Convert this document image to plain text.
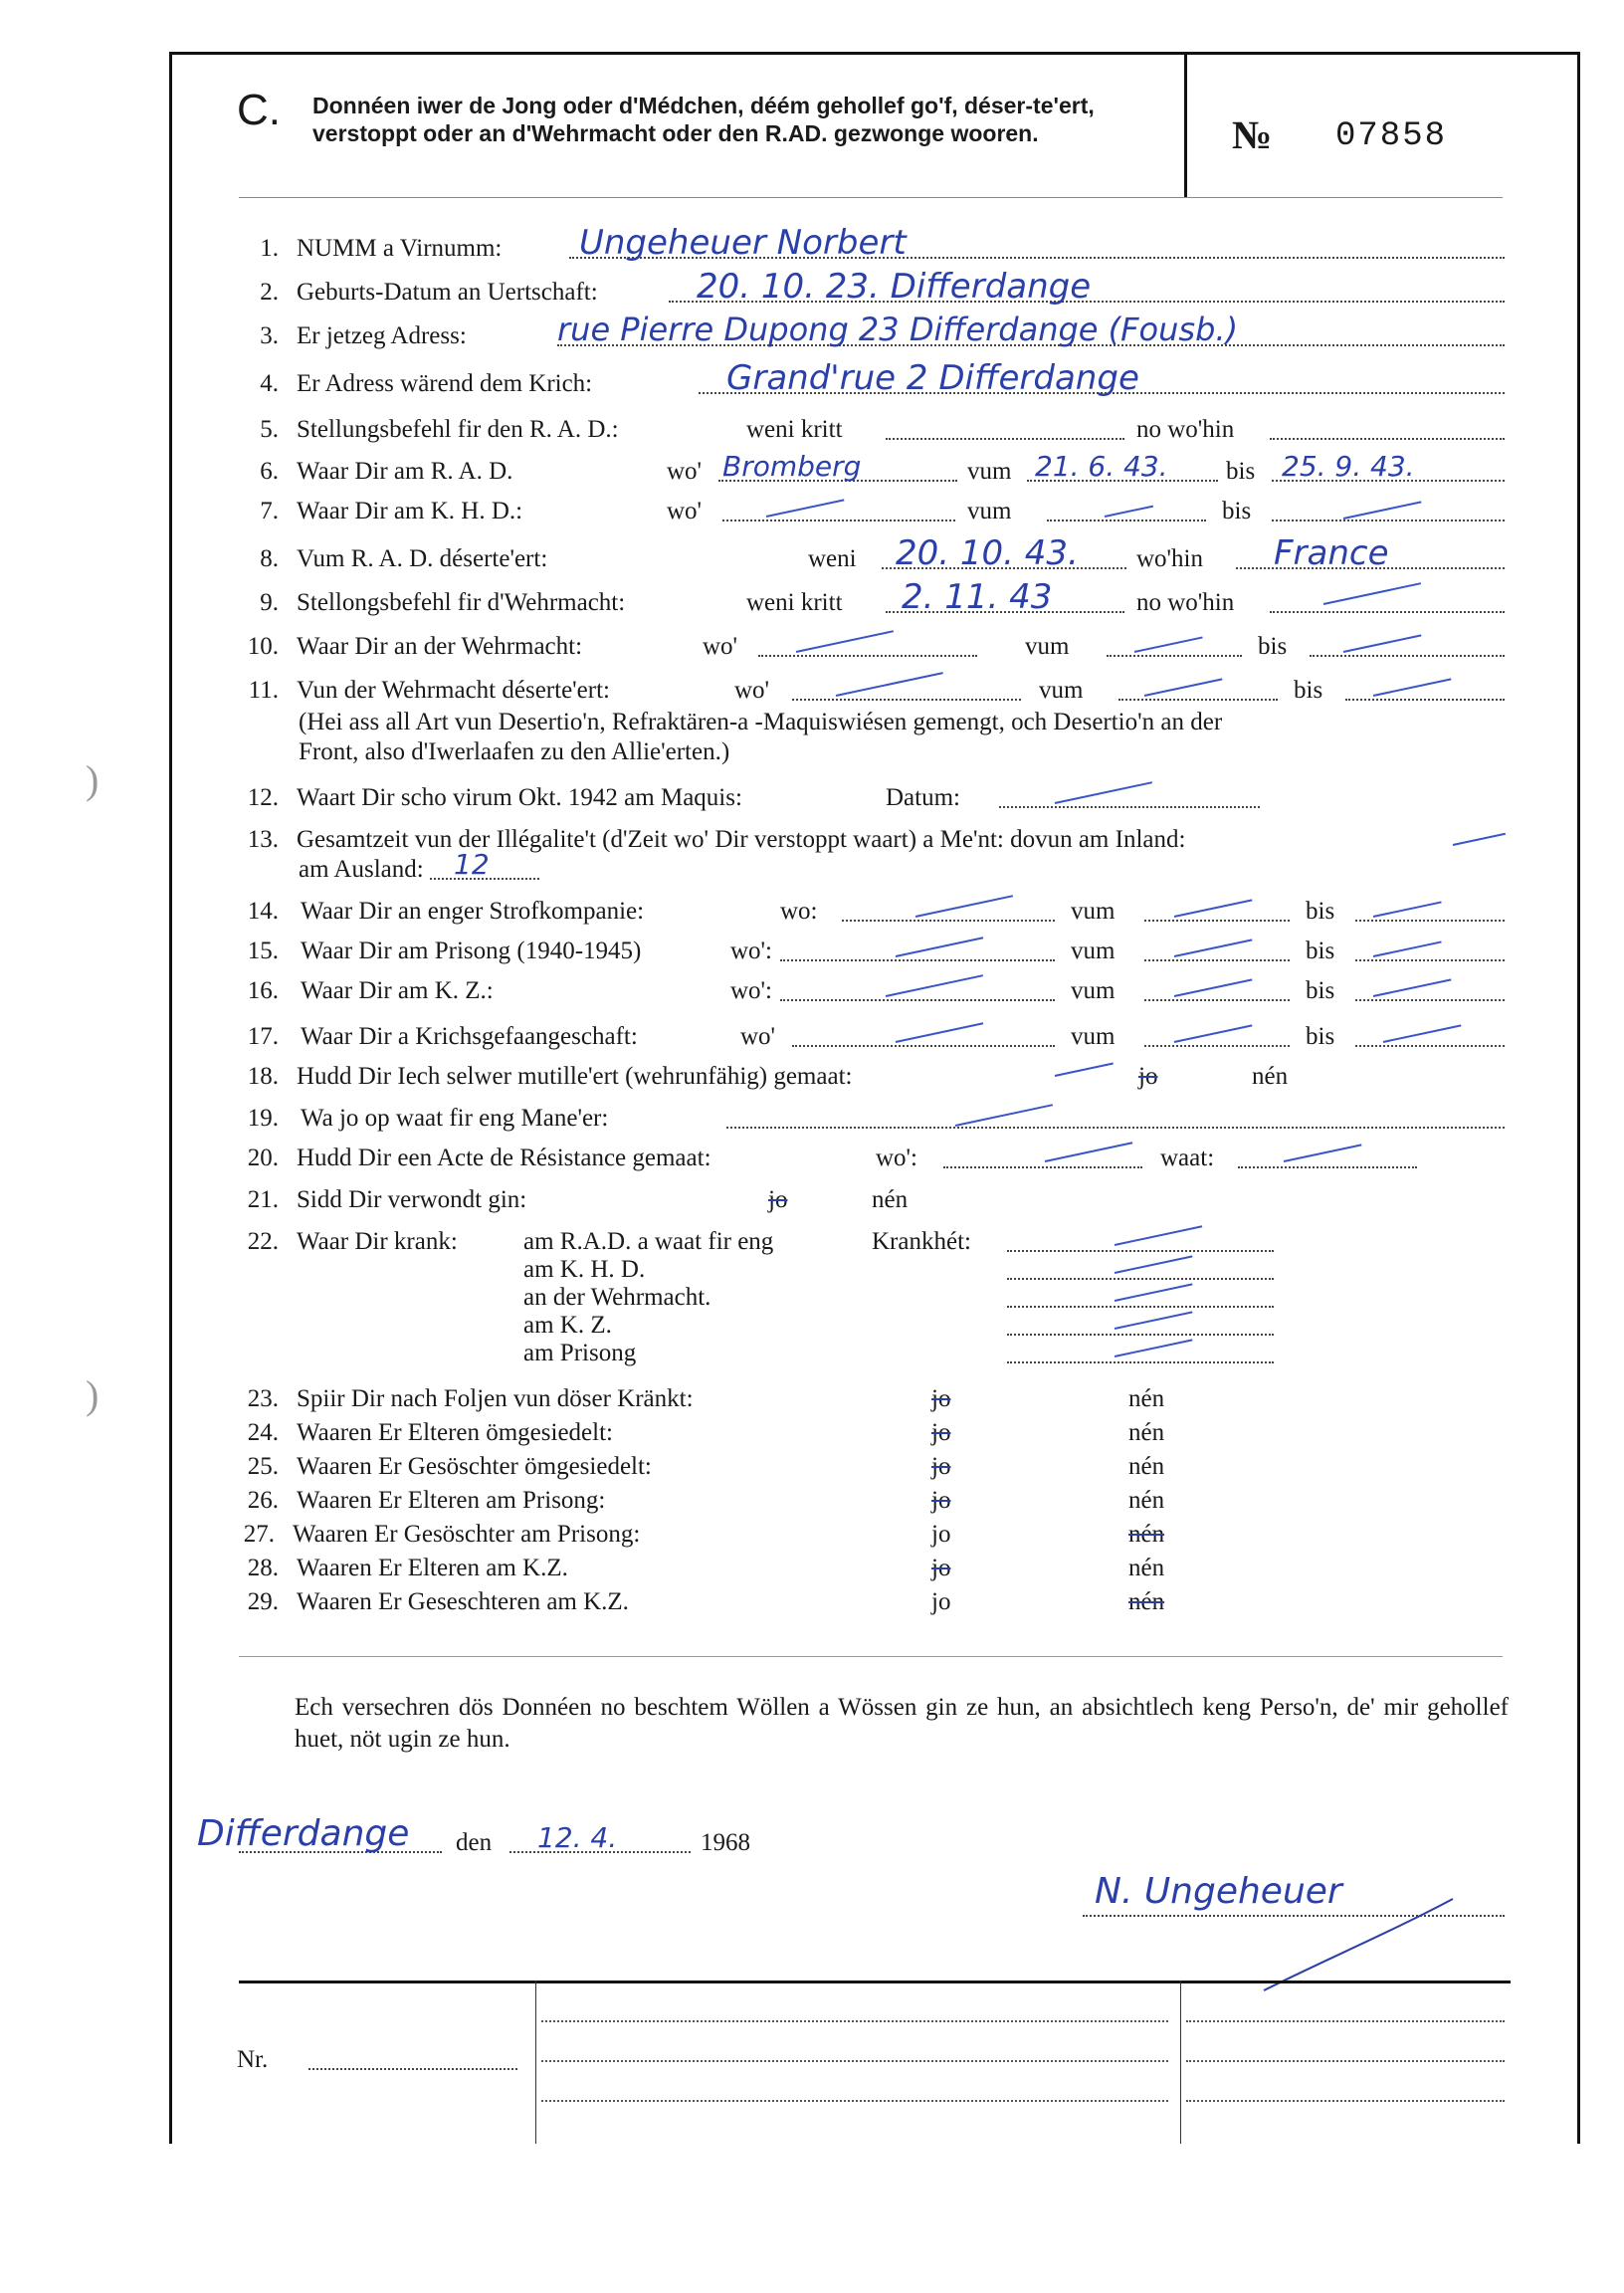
C. Donnéen iwer de Jong oder d'Médchen, déém gehollef go'f, déser-te'ert, verstoppt oder an d'Wehrmacht oder den R.AD. gezwonge wooren.	№ 07858
)
)
1. NUMM a Virnumm: Ungeheuer Norbert
2. Geburts-Datum an Uertschaft:	20. 10. 23. Differdange
3. Er jetzeg Adress:	rue Pierre Dupong 23 Differdange (Fousb.)
4. Er Adress wärend dem Krich:	Grand'rue 2 Differdange
5. Stellungsbefehl fir den R. A. D.:	weni kritt	no wo'hin
6. Waar Dir am R. A. D.	wo' Bromberg	vum 21. 6. 43. bis 25. 9. 43.
7. Waar Dir am K. H. D.:	wo'	vum	bis
8. Vum R. A. D. déserte'ert:	weni 20. 10. 43. wo'hin France
9. Stellongsbefehl fir d'Wehrmacht:	weni kritt 2. 11. 43	no wo'hin
10. Waar Dir an der Wehrmacht:	wo'	vum	bis
11. Vun der Wehrmacht déserte'ert:	wo'	vum	bis
(Hei ass all Art vun Desertio'n, Refraktären-a -Maquiswiésen gemengt, och Desertio'n an der
Front, also d'Iwerlaafen zu den Allie'erten.)
12. Waart Dir scho virum Okt. 1942 am Maquis:	Datum:
13. Gesamtzeit vun der Illégalite't (d'Zeit wo' Dir verstoppt waart) a Me'nt: dovun am Inland:
am Ausland: 12
14. Waar Dir an enger Strofkompanie:	wo:	vum	bis
15. Waar Dir am Prisong (1940-1945)	wo':	vum	bis
16. Waar Dir am K. Z.:	wo':	vum	bis
17. Waar Dir a Krichsgefaangeschaft:	wo'	vum	bis
18. Hudd Dir Iech selwer mutille'ert (wehrunfähig) gemaat:	jo	nén
19. Wa jo op waat fir eng Mane'er:
20. Hudd Dir een Acte de Résistance gemaat:	wo':	waat:
21. Sidd Dir verwondt gin:	jo	nén
22. Waar Dir krank:	am R.A.D. a waat fir eng	Krankhét:
am K. H. D.
an der Wehrmacht.
am K. Z.
am Prisong
23. Spiir Dir nach Foljen vun döser Kränkt:	jo	nén
24. Waaren Er Elteren ömgesiedelt:	jo	nén
25. Waaren Er Gesöschter ömgesiedelt:	jo	nén
26. Waaren Er Elteren am Prisong:	jo	nén
27. Waaren Er Gesöschter am Prisong:	jo	nén
28. Waaren Er Elteren am K.Z.	jo	nén
29. Waaren Er Geseschteren am K.Z.	jo	nén
Ech versechren dös Donnéen no beschtem Wöllen a Wössen gin ze hun, an absichtlech keng Perso'n, de' mir gehollef huet, nöt ugin ze hun.
Differdange den 12. 4.	1968
N. Ungeheuer
Nr.
